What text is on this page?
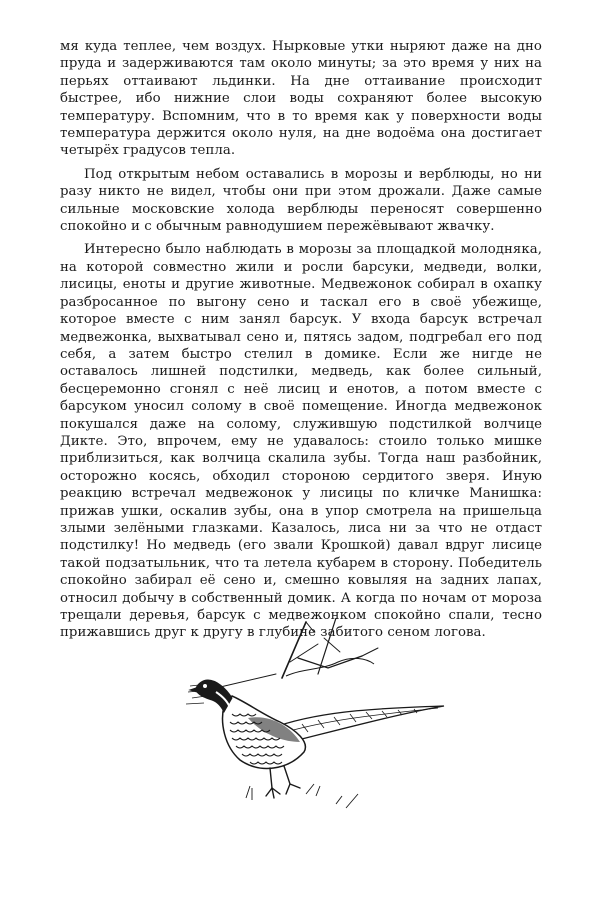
мя куда теплее, чем воздух. Нырковые утки ныряют даже на дно пруда и задерживаются там около минуты; за это время у них на перьях оттаивают льдинки. На дне оттаивание происходит быстрее, ибо нижние слои воды сохраняют более высокую температуру. Вспомним, что в то время как у поверхности воды температура держится около нуля, на дне водоёма она достигает четырёх градусов тепла.

Под открытым небом оставались в морозы и верблюды, но ни разу никто не видел, чтобы они при этом дрожали. Даже самые сильные московские холода верблюды переносят совершенно спокойно и с обычным равнодушием пережёвывают жвачку.

Интересно было наблюдать в морозы за площадкой молодняка, на которой совместно жили и росли барсуки, медведи, волки, лисицы, еноты и другие животные. Медвежонок собирал в охапку разбросанное по выгону сено и таскал его в своё убежище, которое вместе с ним занял барсук. У входа барсук встречал медвежонка, выхватывал сено и, пятясь задом, подгребал его под себя, а затем быстро стелил в домике. Если же нигде не оставалось лишней подстилки, медведь, как более сильный, бесцеремонно сгонял с неё лисиц и енотов, а потом вместе с барсуком уносил солому в своё помещение. Иногда медвежонок покушался даже на солому, служившую подстилкой волчице Дикте. Это, впрочем, ему не удавалось: стоило только мишке приблизиться, как волчица скалила зубы. Тогда наш разбойник, осторожно косясь, обходил стороною сердитого зверя. Иную реакцию встречал медвежонок у лисицы по кличке Манишка: прижав ушки, оскалив зубы, она в упор смотрела на пришельца злыми зелёными глазками. Казалось, лиса ни за что не отдаст подстилку! Но медведь (его звали Крошкой) давал вдруг лисице такой подзатыльник, что та летела кубарем в сторону. Победитель спокойно забирал её сено и, смешно ковыляя на задних лапах, относил добычу в собственный домик. А когда по ночам от мороза трещали деревья, барсук с медвежонком спокойно спали, тесно прижавшись друг к другу в глубине забитого сеном логова.
